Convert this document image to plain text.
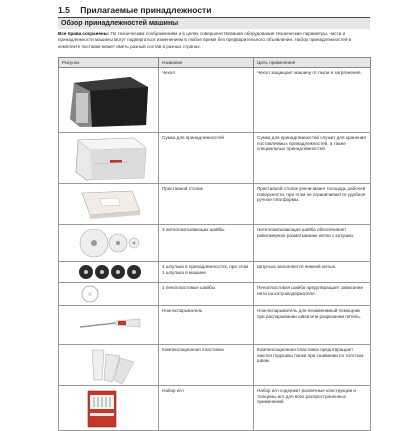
1.5 Прилагаемые принадлежности
Обзор принадлежностей машины
Все права сохранены: По техническим соображениям и в целях совершенствования оборудования технические параметры, части и принадлежности машины могут подвергаться изменениям в любое время без предварительного объявления. Набор принадлежностей в комплекте поставки может иметь разный состав в разных странах.
Рисунок	Название	Цель применения

	Чехол	Чехол защищает машину от пыли и загрязнения.

	Сумка для принадлежностей	Сумка для принадлежностей служит для хранения поставляемых принадлежностей, а также специальных принадлежностей.

	Приставной столик	Приставной столик увеличивает площадь рабочей поверхности, при этом не ограничивается удобное ручное платформы.

	3 нитеосматывающих шайбы	Нитеосматывающая шайба обеспечивает равномерное разматывание нитки с катушки.

	4 шпульки в принадлежностях, при этом 1 шпулька в машине	Шпулька заполняется нижней нитью.

	1 пенопластовые шайбы	Пенопластовая шайба предотвращает зависание нити на катушкодержателе.

	Нож-вспарыватель	Нож-вспарыватель для незаменимый помощник при распарывании швов или разрезании петель.

	Компенсационная пластинка	Компенсационная пластинка предотвращает наклон подошвы лапки при сшивании по толстым швам.

	Набор игл	Набор игл содержит различные конструкции и толщины игл для всех распространенных применений.
